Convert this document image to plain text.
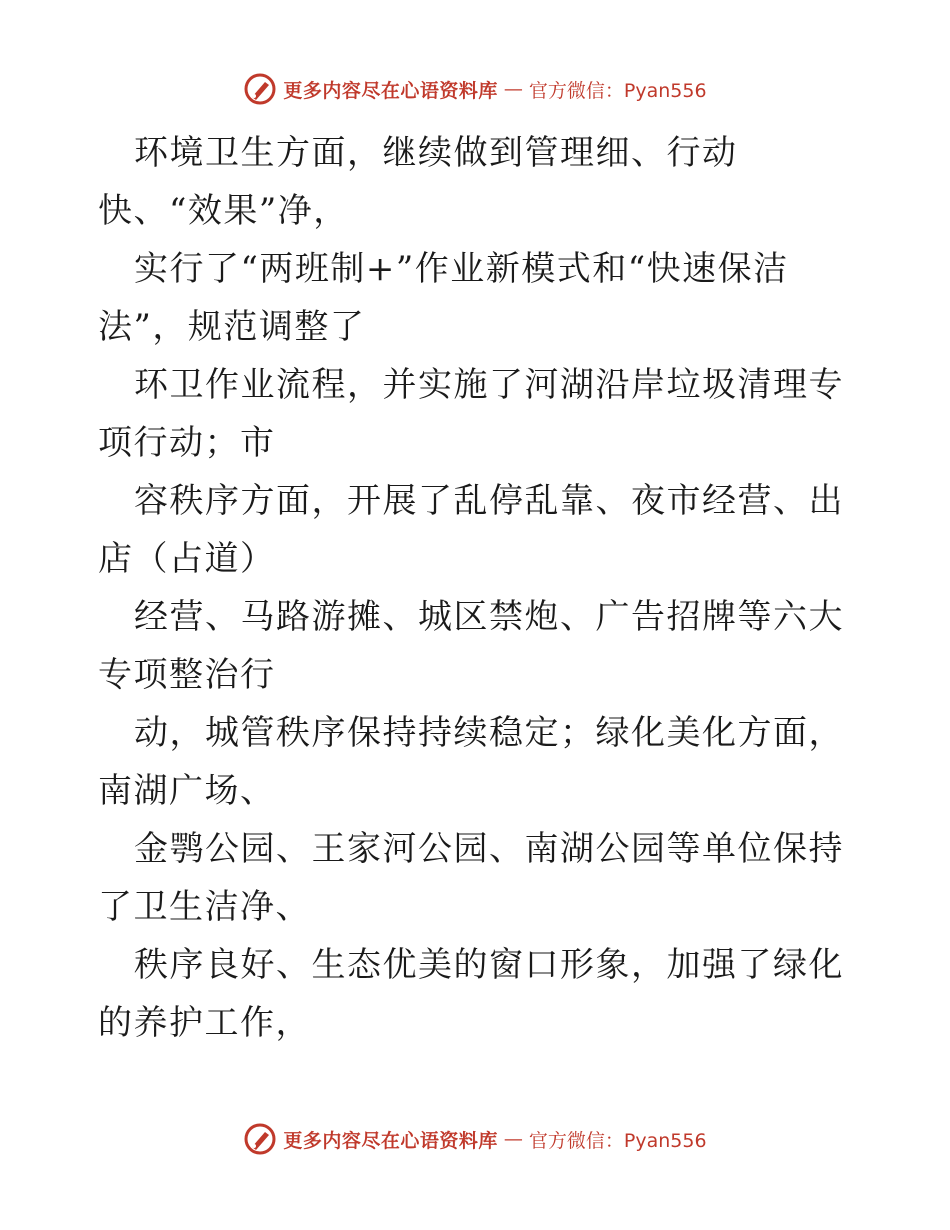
更多内容尽在心语资料库 — 官方微信：Pyan556

环境卫生方面，继续做到管理细、行动快、“效果”净，

实行了“两班制+”作业新模式和“快速保洁法”，规范调整了

环卫作业流程，并实施了河湖沿岸垃圾清理专项行动；市

容秩序方面，开展了乱停乱靠、夜市经营、出店（占道）

经营、马路游摊、城区禁炮、广告招牌等六大专项整治行

动，城管秩序保持持续稳定；绿化美化方面，南湖广场、

金鹗公园、王家河公园、南湖公园等单位保持了卫生洁净、

秩序良好、生态优美的窗口形象，加强了绿化的养护工作，

更多内容尽在心语资料库 — 官方微信：Pyan556
